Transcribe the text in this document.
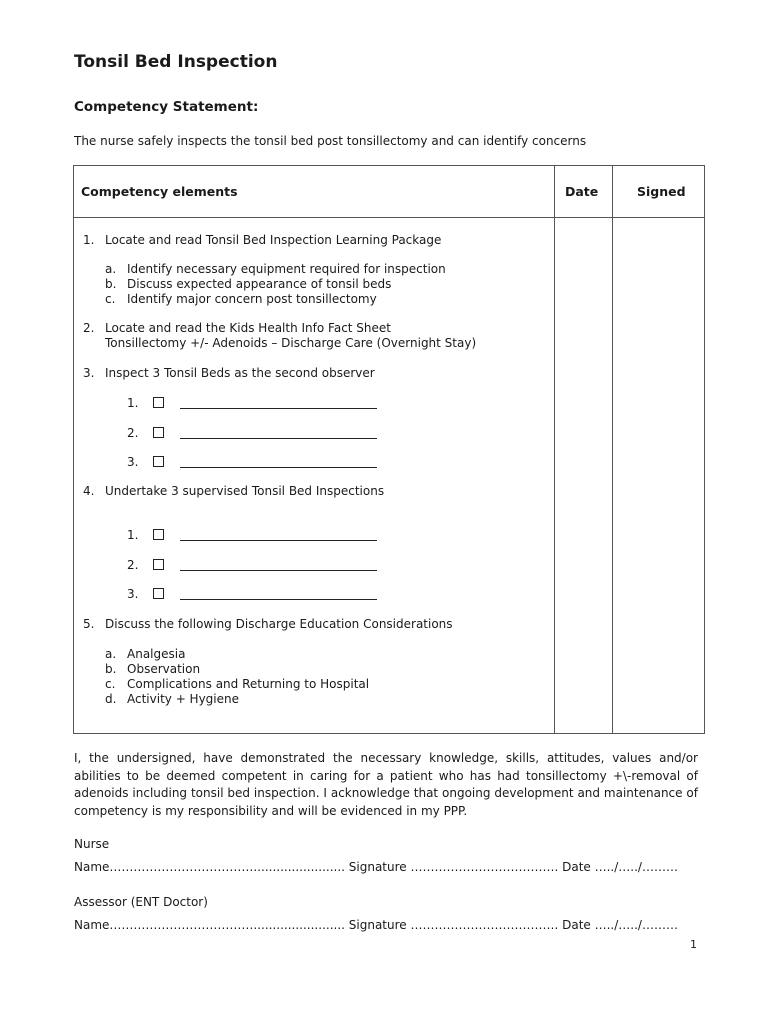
Tonsil Bed Inspection
Competency Statement:

The nurse safely inspects the tonsil bed post tonsillectomy and can identify concerns

Competency elements	Date	Signed
1. Locate and read Tonsil Bed Inspection Learning Package
a. Identify necessary equipment required for inspection
b. Discuss expected appearance of tonsil beds
c. Identify major concern post tonsillectomy
2. Locate and read the Kids Health Info Fact Sheet
Tonsillectomy +/- Adenoids – Discharge Care (Overnight Stay)
3. Inspect 3 Tonsil Beds as the second observer
1.
2.
3.
4. Undertake 3 supervised Tonsil Bed Inspections
1.
2.
3.
5. Discuss the following Discharge Education Considerations
a. Analgesia
b. Observation
c. Complications and Returning to Hospital
d. Activity + Hygiene

I, the undersigned, have demonstrated the necessary knowledge, skills, attitudes, values and/or abilities to be deemed competent in caring for a patient who has had tonsillectomy +\-removal of adenoids including tonsil bed inspection. I acknowledge that ongoing development and maintenance of competency is my responsibility and will be evidenced in my PPP.

Nurse
Name………………………………........................ Signature ………………………………. Date …../…../………
Assessor (ENT Doctor)
Name………………………………........................ Signature ………………………………. Date …../…../………
1
